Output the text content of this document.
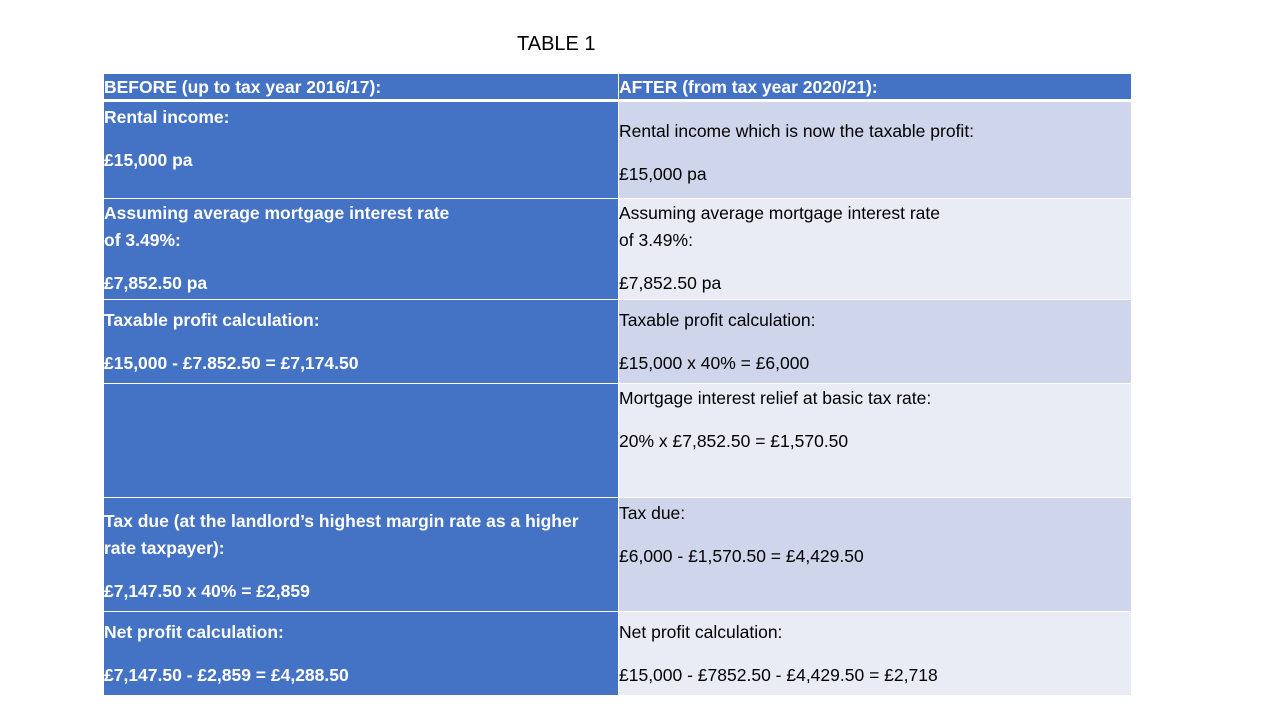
TABLE 1
BEFORE (up to tax year 2016/17):	AFTER (from tax year 2020/21):
Rental income:
£15,000 pa
Rental income which is now the taxable profit:
£15,000 pa
Assuming average mortgage interest rate
of 3.49%:
£7,852.50 pa
Assuming average mortgage interest rate
of 3.49%:
£7,852.50 pa
Taxable profit calculation:
£15,000 - £7.852.50 = £7,174.50
Taxable profit calculation:
£15,000 x 40% = £6,000
Mortgage interest relief at basic tax rate:
20% x £7,852.50 = £1,570.50
Tax due (at the landlord’s highest margin rate as a higher
rate taxpayer):
£7,147.50 x 40% = £2,859
Tax due:
£6,000 - £1,570.50 = £4,429.50
Net profit calculation:
£7,147.50 - £2,859 = £4,288.50
Net profit calculation:
£15,000 - £7852.50 - £4,429.50 = £2,718
